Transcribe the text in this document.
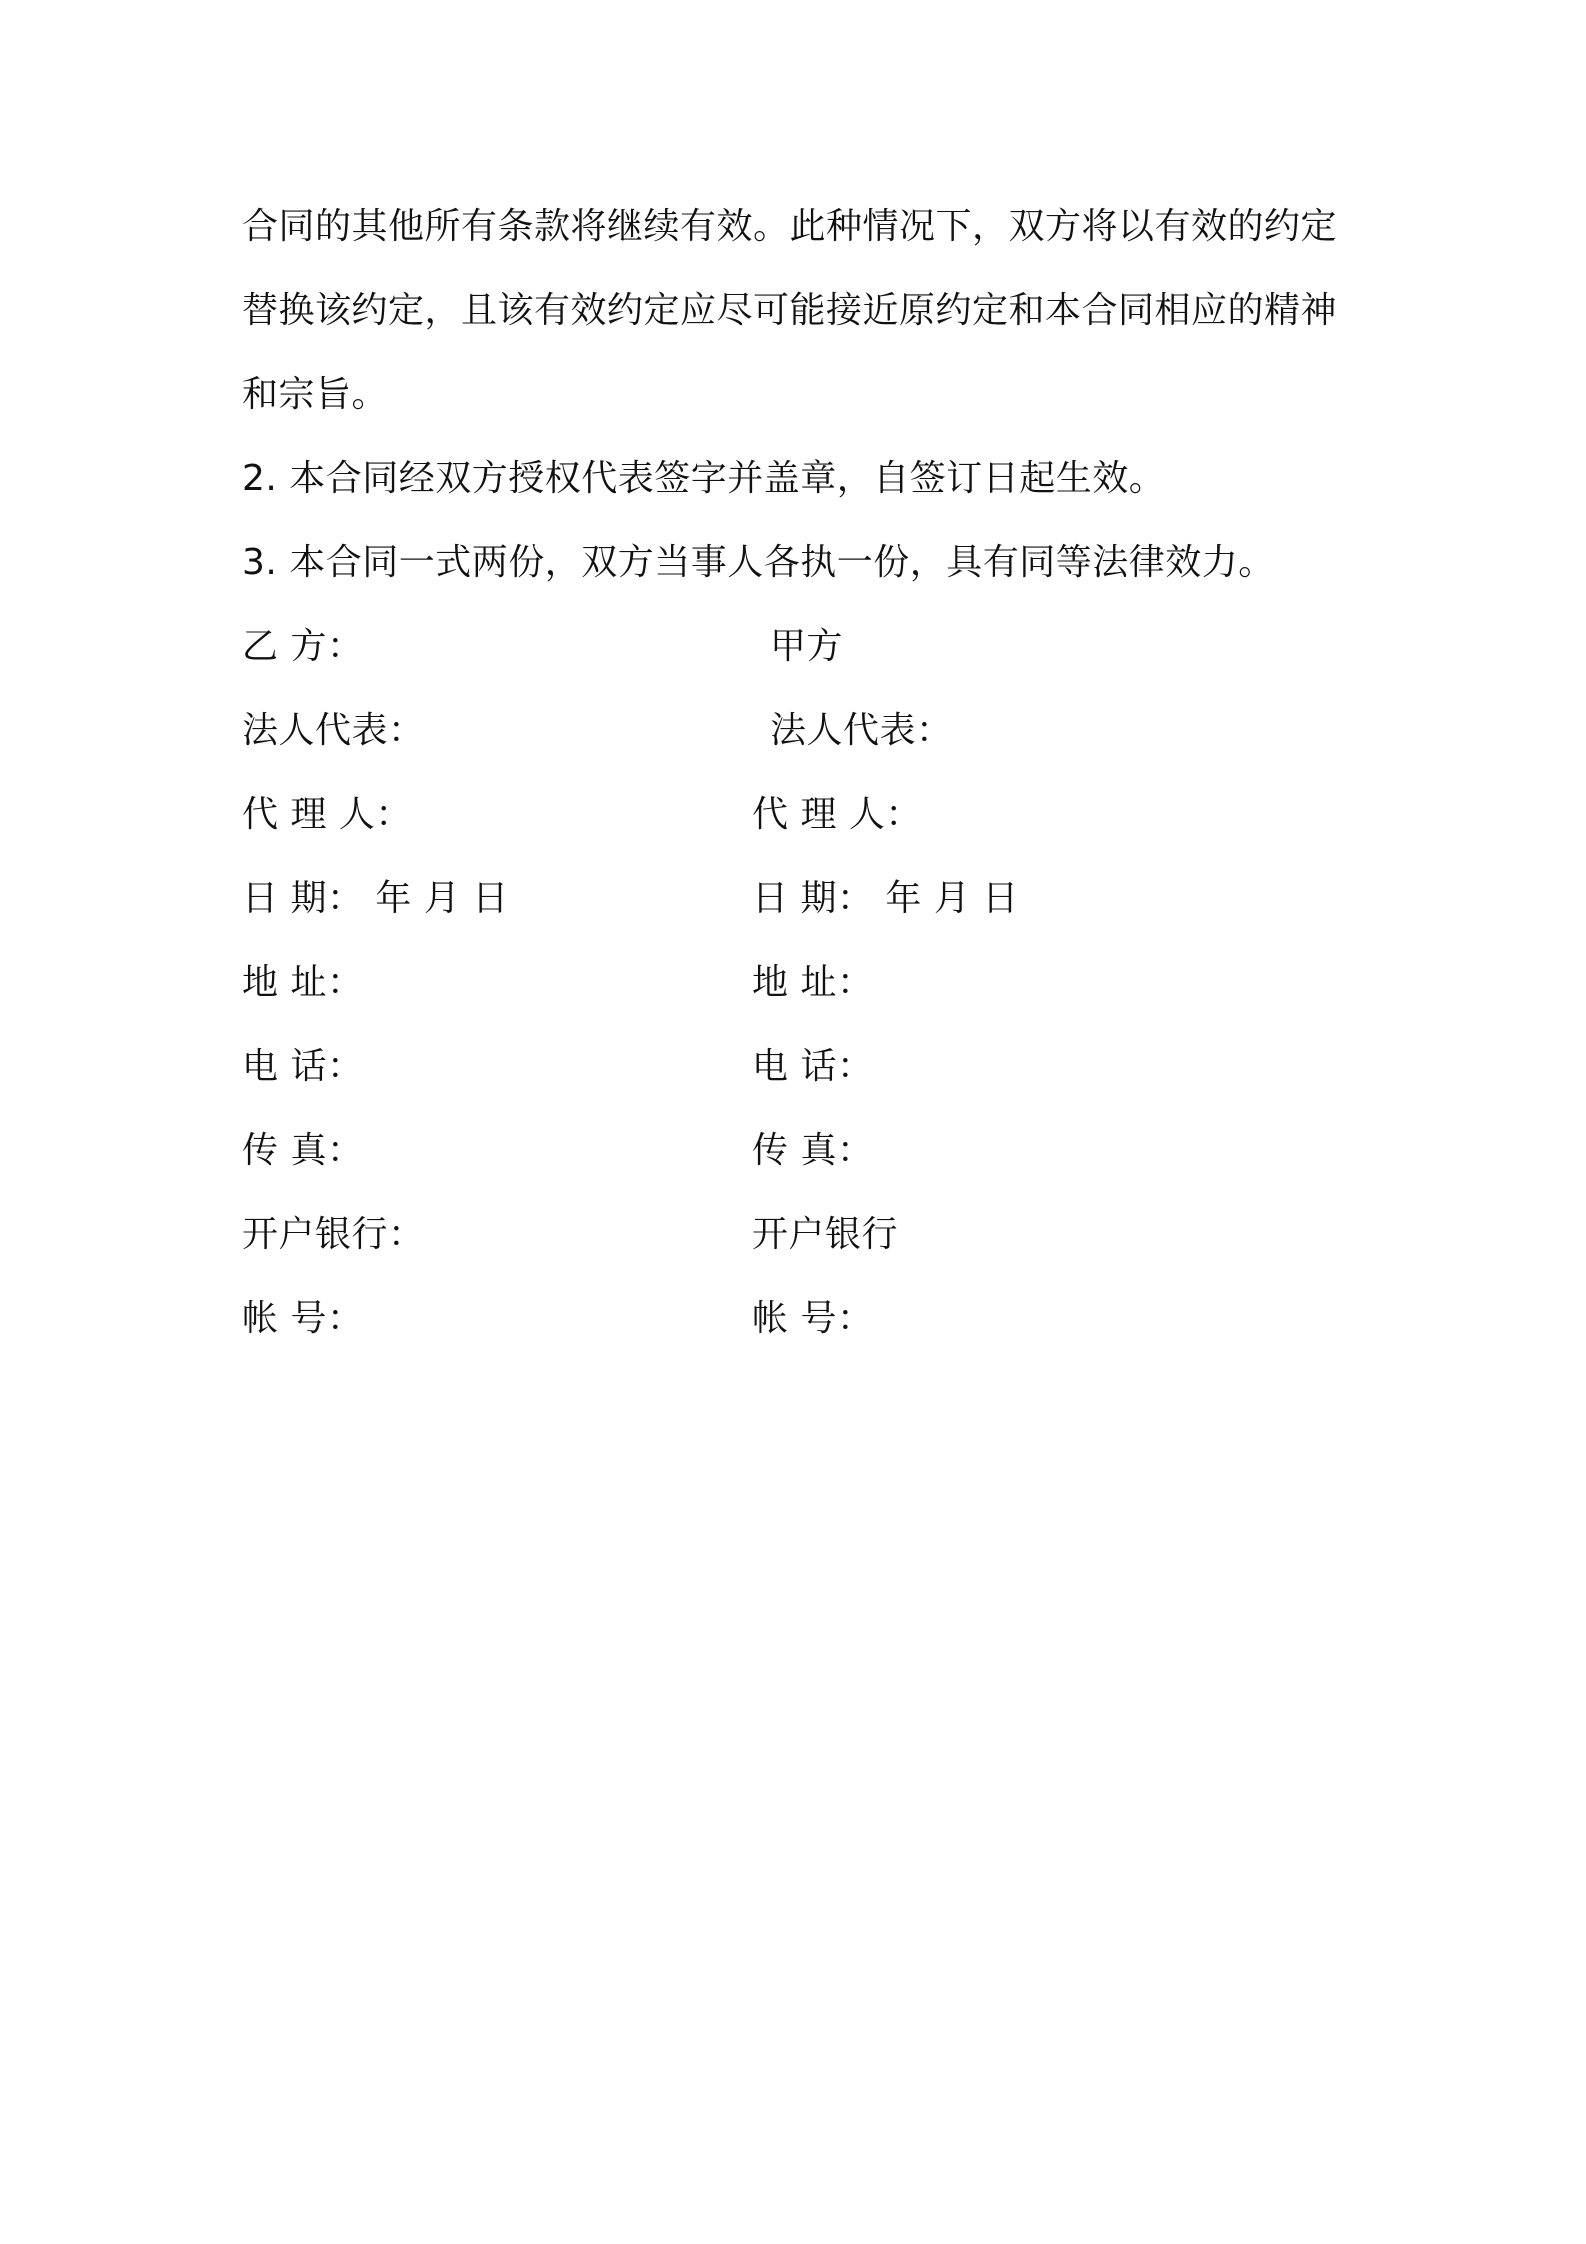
合同的其他所有条款将继续有效。此种情况下，双方将以有效的约定
替换该约定，且该有效约定应尽可能接近原约定和本合同相应的精神
和宗旨。
2. 本合同经双方授权代表签字并盖章，自签订日起生效。
3. 本合同一式两份，双方当事人各执一份，具有同等法律效力。
乙 方：	甲方
法人代表：	法人代表：
代 理 人：	代 理 人：
日 期： 年 月 日	日 期： 年 月 日
地 址：	地 址：
电 话：	电 话：
传 真：	传 真：
开户银行：	开户银行
帐 号：	帐 号：
